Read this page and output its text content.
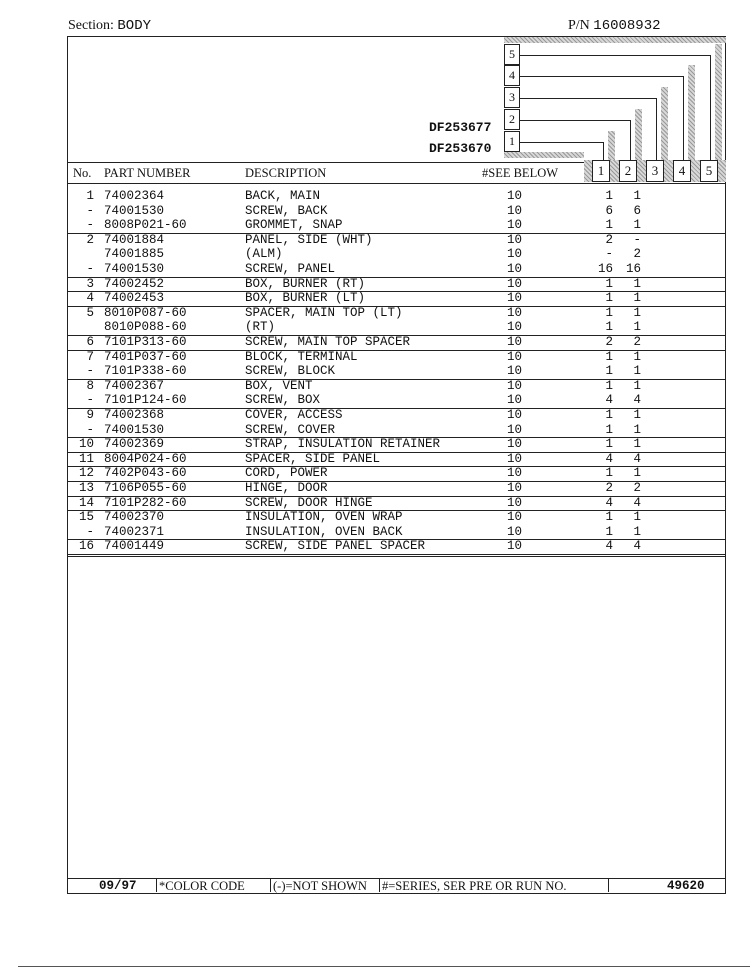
Section: BODY	P/N 16008932
5
4
3
2
1
DF253677
DF253670
No. PART NUMBER	DESCRIPTION	#SEE BELOW	1	2	3	4	5
1 74002364	BACK, MAIN	10	1	1
- 74001530	SCREW, BACK	10	6	6
- 8008P021-60	GROMMET, SNAP	10	1	1
2 74001884	PANEL, SIDE (WHT)	10	2	-
74001885	(ALM)	10	-	2
- 74001530	SCREW, PANEL	10	16	16
3 74002452	BOX, BURNER (RT)	10	1	1
4 74002453	BOX, BURNER (LT)	10	1	1
5 8010P087-60	SPACER, MAIN TOP (LT)	10	1	1
8010P088-60	(RT)	10	1	1
6 7101P313-60	SCREW, MAIN TOP SPACER	10	2	2
7 7401P037-60	BLOCK, TERMINAL	10	1	1
- 7101P338-60	SCREW, BLOCK	10	1	1
8 74002367	BOX, VENT	10	1	1
- 7101P124-60	SCREW, BOX	10	4	4
9 74002368	COVER, ACCESS	10	1	1
- 74001530	SCREW, COVER	10	1	1
10 74002369	STRAP, INSULATION RETAINER	10	1	1
11 8004P024-60	SPACER, SIDE PANEL	10	4	4
12 7402P043-60	CORD, POWER	10	1	1
13 7106P055-60	HINGE, DOOR	10	2	2
14 7101P282-60	SCREW, DOOR HINGE	10	4	4
15 74002370	INSULATION, OVEN WRAP	10	1	1
- 74002371	INSULATION, OVEN BACK	10	1	1
16 74001449	SCREW, SIDE PANEL SPACER	10	4	4
09/97 *COLOR CODE (-)=NOT SHOWN #=SERIES, SER PRE OR RUN NO.	49620
